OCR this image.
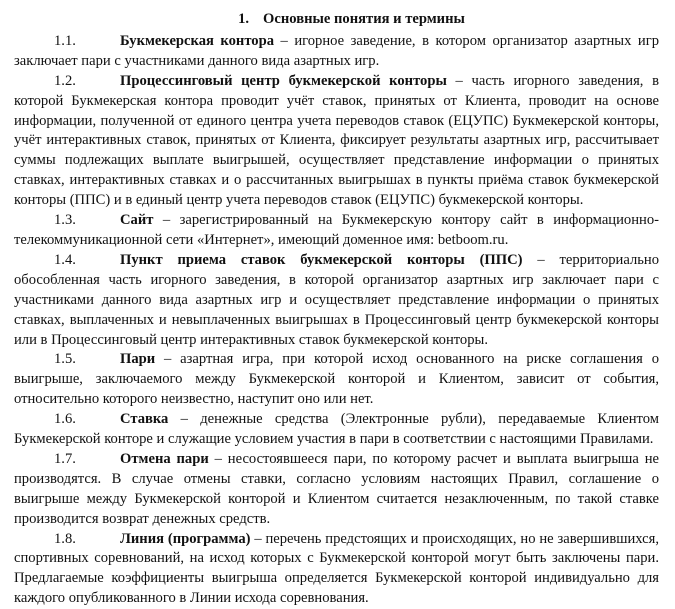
1. Основные понятия и термины

1.1.	Букмекерская контора – игорное заведение, в котором организатор азартных игр заключает пари с участниками данного вида азартных игр.

1.2.	Процессинговый центр букмекерской конторы – часть игорного заведения, в которой Букмекерская контора проводит учёт ставок, принятых от Клиента, проводит на основе информации, полученной от единого центра учета переводов ставок (ЕЦУПС) Букмекерской конторы, учёт интерактивных ставок, принятых от Клиента, фиксирует результаты азартных игр, рассчитывает суммы подлежащих выплате выигрышей, осуществляет представление информации о принятых ставках, интерактивных ставках и о рассчитанных выигрышах в пункты приёма ставок букмекерской конторы (ППС) и в единый центр учета переводов ставок (ЕЦУПС) букмекерской конторы.

1.3.	Сайт – зарегистрированный на Букмекерскую контору сайт в информационно-телекоммуникационной сети «Интернет», имеющий доменное имя: betboom.ru.

1.4.	Пункт приема ставок букмекерской конторы (ППС) – территориально обособленная часть игорного заведения, в которой организатор азартных игр заключает пари с участниками данного вида азартных игр и осуществляет представление информации о принятых ставках, выплаченных и невыплаченных выигрышах в Процессинговый центр букмекерской конторы или в Процессинговый центр интерактивных ставок букмекерской конторы.

1.5.	Пари – азартная игра, при которой исход основанного на риске соглашения о выигрыше, заключаемого между Букмекерской конторой и Клиентом, зависит от события, относительно которого неизвестно, наступит оно или нет.

1.6.	Ставка – денежные средства (Электронные рубли), передаваемые Клиентом Букмекерской конторе и служащие условием участия в пари в соответствии с настоящими Правилами.

1.7.	Отмена пари – несостоявшееся пари, по которому расчет и выплата выигрыша не производятся. В случае отмены ставки, согласно условиям настоящих Правил, соглашение о выигрыше между Букмекерской конторой и Клиентом считается незаключенным, по такой ставке производится возврат денежных средств.

1.8.	Линия (программа) – перечень предстоящих и происходящих, но не завершившихся, спортивных соревнований, на исход которых с Букмекерской конторой могут быть заключены пари. Предлагаемые коэффициенты выигрыша определяется Букмекерской конторой индивидуально для каждого опубликованного в Линии исхода соревнования.
